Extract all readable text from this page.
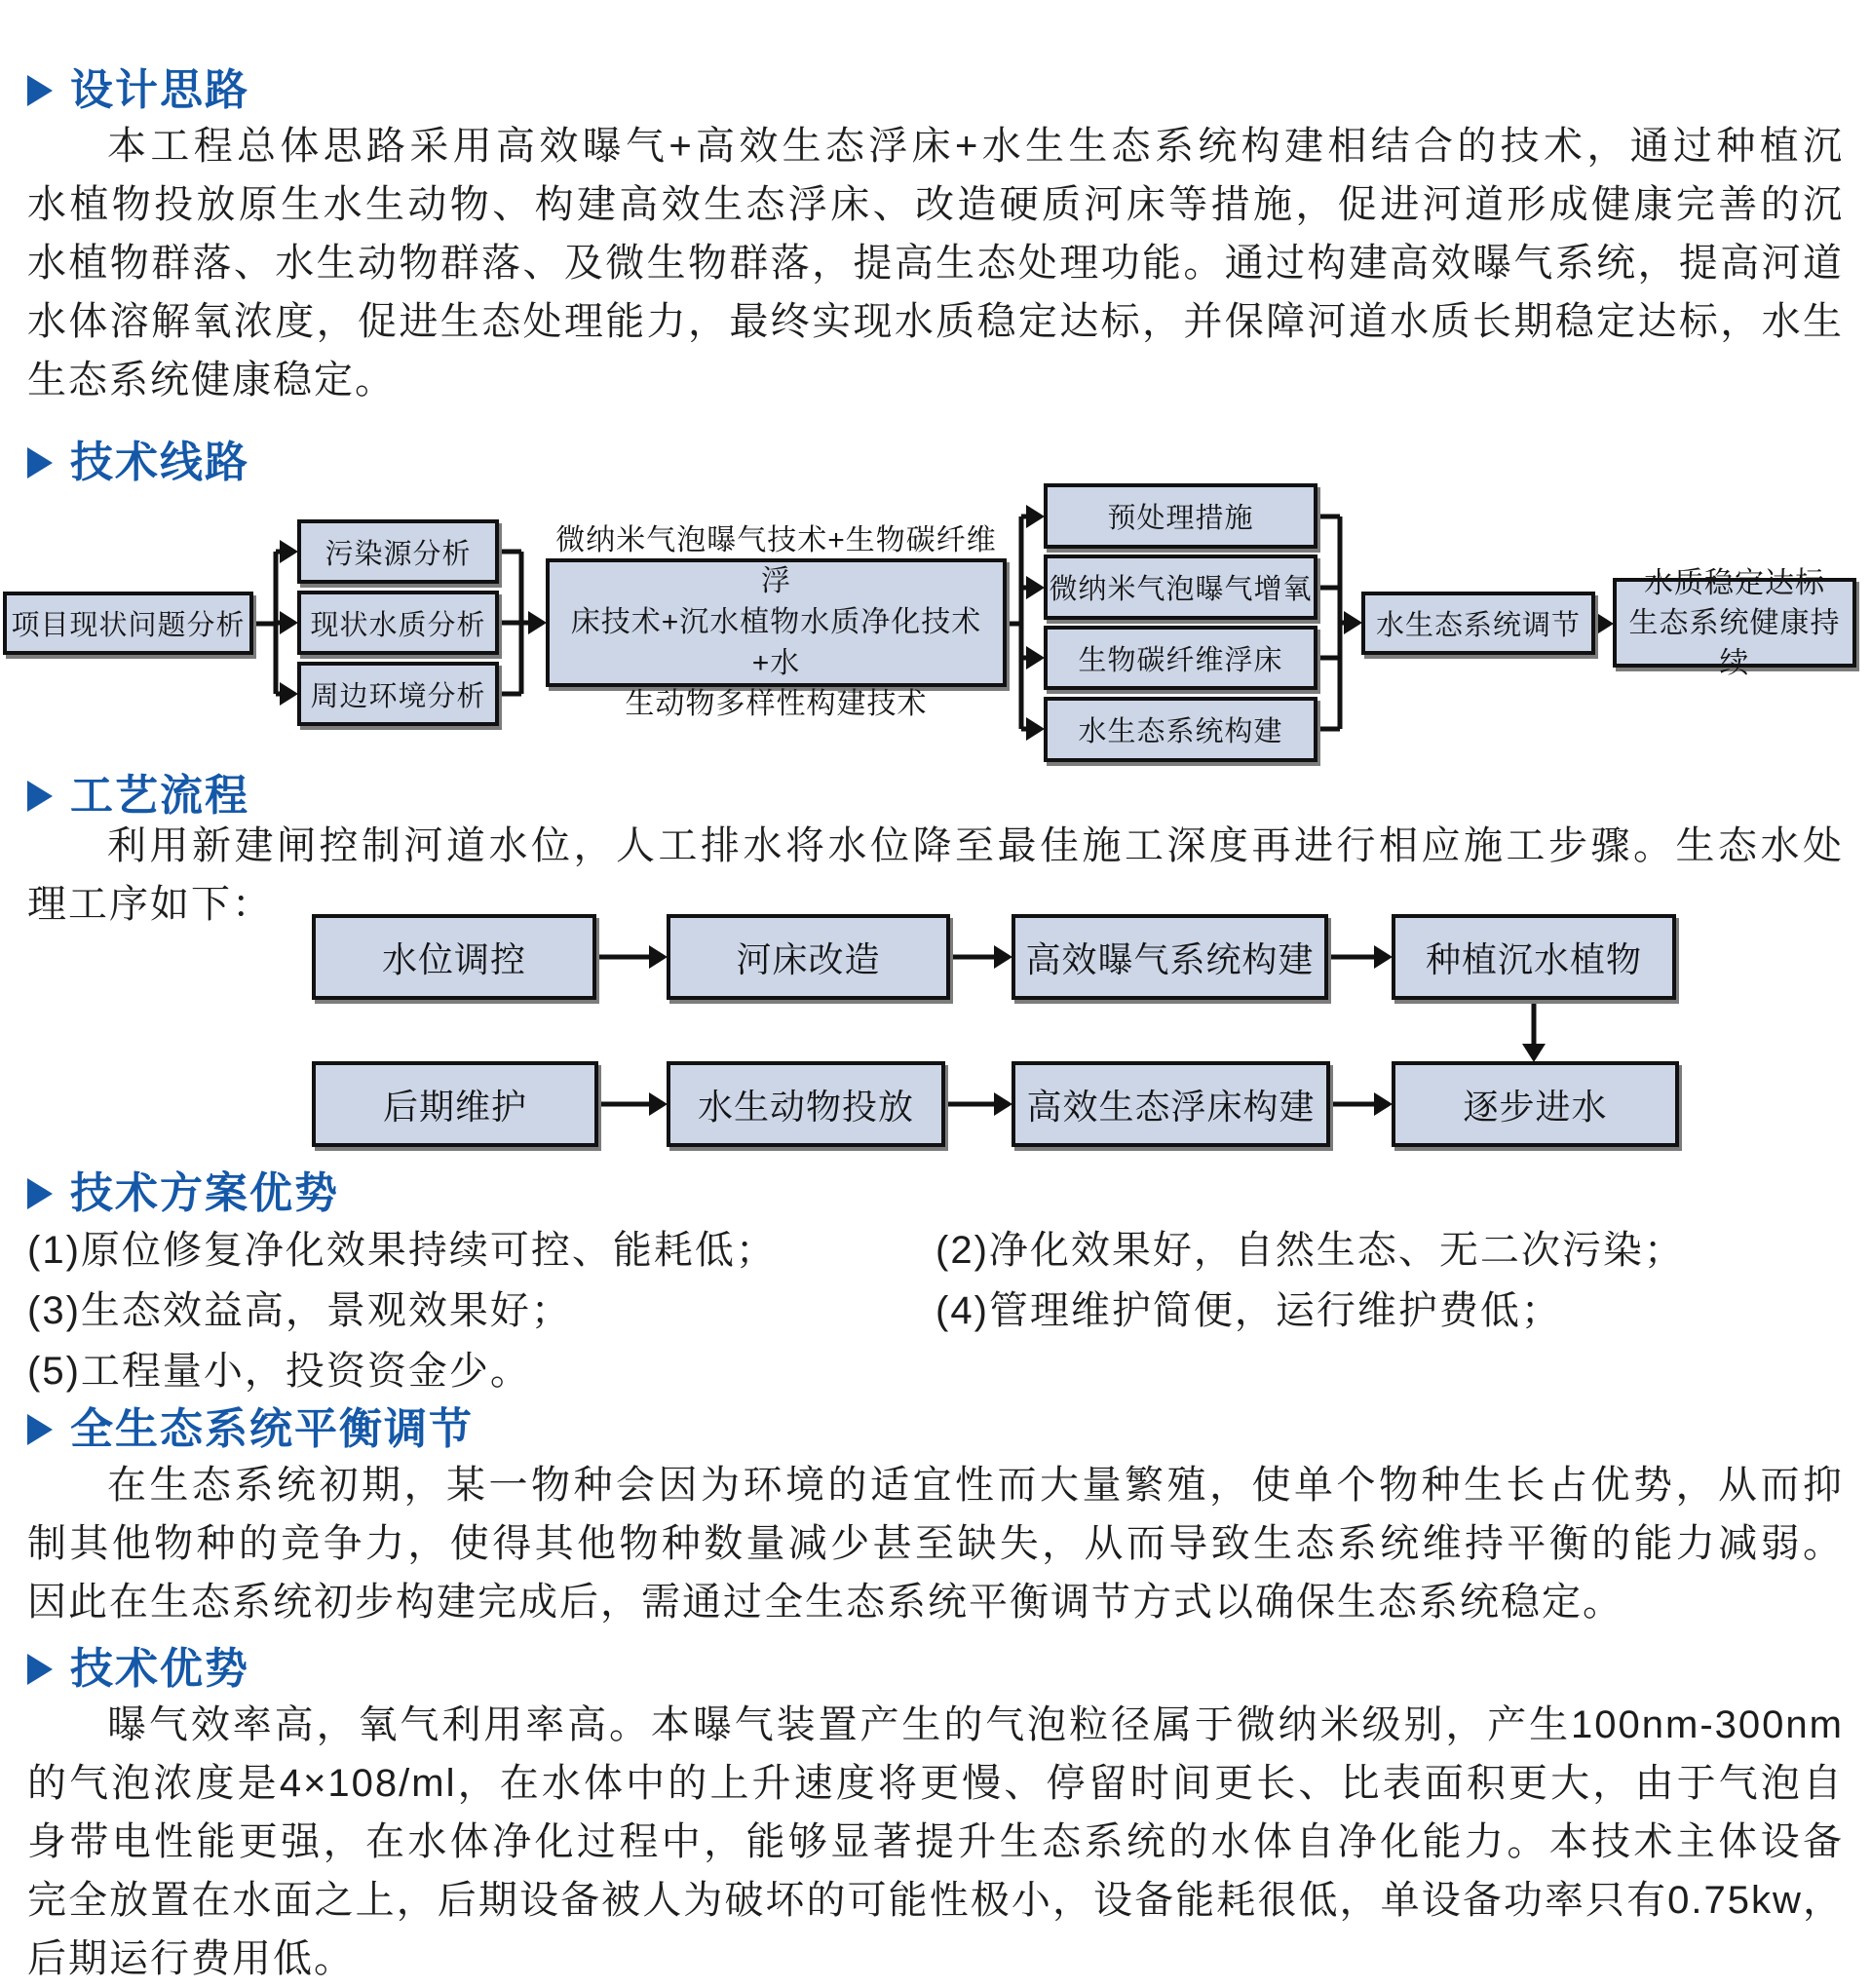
设计思路
本工程总体思路采用高效曝气+高效生态浮床+水生生态系统构建相结合的技术，通过种植沉
水植物投放原生水生动物、构建高效生态浮床、改造硬质河床等措施，促进河道形成健康完善的沉
水植物群落、水生动物群落、及微生物群落，提高生态处理功能。通过构建高效曝气系统，提高河道
水体溶解氧浓度，促进生态处理能力，最终实现水质稳定达标，并保障河道水质长期稳定达标，水生
生态系统健康稳定。
技术线路
项目现状问题分析
污染源分析
现状水质分析
周边环境分析
微纳米气泡曝气技术+生物碳纤维浮
床技术+沉水植物水质净化技术+水
生动物多样性构建技术
预处理措施
微纳米气泡曝气增氧
生物碳纤维浮床
水生态系统构建
水生态系统调节
水质稳定达标
生态系统健康持续
工艺流程
利用新建闸控制河道水位，人工排水将水位降至最佳施工深度再进行相应施工步骤。生态水处
理工序如下：
水位调控	河床改造	高效曝气系统构建	种植沉水植物
后期维护	水生动物投放	高效生态浮床构建	逐步进水
技术方案优势
(1)原位修复净化效果持续可控、能耗低；
(3)生态效益高，景观效果好；
(5)工程量小，投资资金少。
(2)净化效果好，自然生态、无二次污染；
(4)管理维护简便，运行维护费低；
全生态系统平衡调节
在生态系统初期，某一物种会因为环境的适宜性而大量繁殖，使单个物种生长占优势，从而抑
制其他物种的竞争力，使得其他物种数量减少甚至缺失，从而导致生态系统维持平衡的能力减弱。
因此在生态系统初步构建完成后，需通过全生态系统平衡调节方式以确保生态系统稳定。
技术优势
曝气效率高，氧气利用率高。本曝气装置产生的气泡粒径属于微纳米级别，产生100nm-300nm
的气泡浓度是4×108/ml，在水体中的上升速度将更慢、停留时间更长、比表面积更大，由于气泡自
身带电性能更强，在水体净化过程中，能够显著提升生态系统的水体自净化能力。本技术主体设备
完全放置在水面之上，后期设备被人为破坏的可能性极小，设备能耗很低，单设备功率只有0.75kw，
后期运行费用低。
